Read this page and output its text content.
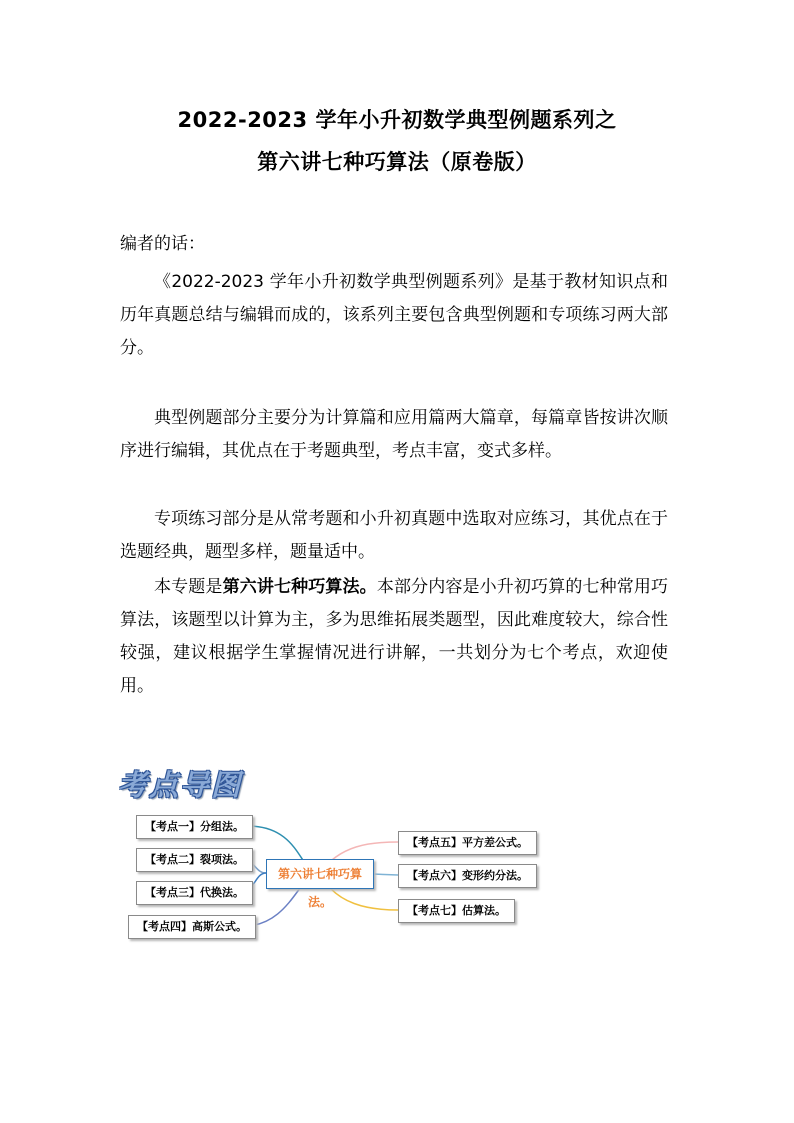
2022-2023 学年小升初数学典型例题系列之
第六讲七种巧算法（原卷版）
编者的话：
《2022-2023 学年小升初数学典型例题系列》是基于教材知识点和历年真题总结与编辑而成的，该系列主要包含典型例题和专项练习两大部分。
典型例题部分主要分为计算篇和应用篇两大篇章，每篇章皆按讲次顺序进行编辑，其优点在于考题典型，考点丰富，变式多样。
专项练习部分是从常考题和小升初真题中选取对应练习，其优点在于选题经典，题型多样，题量适中。
本专题是第六讲七种巧算法。本部分内容是小升初巧算的七种常用巧算法，该题型以计算为主，多为思维拓展类题型，因此难度较大，综合性较强，建议根据学生掌握情况进行讲解，一共划分为七个考点，欢迎使用。
考点导图
第六讲七种巧算法。
【考点一】分组法。
【考点二】裂项法。
【考点三】代换法。
【考点四】高斯公式。
【考点五】平方差公式。
【考点六】变形约分法。
【考点七】估算法。
